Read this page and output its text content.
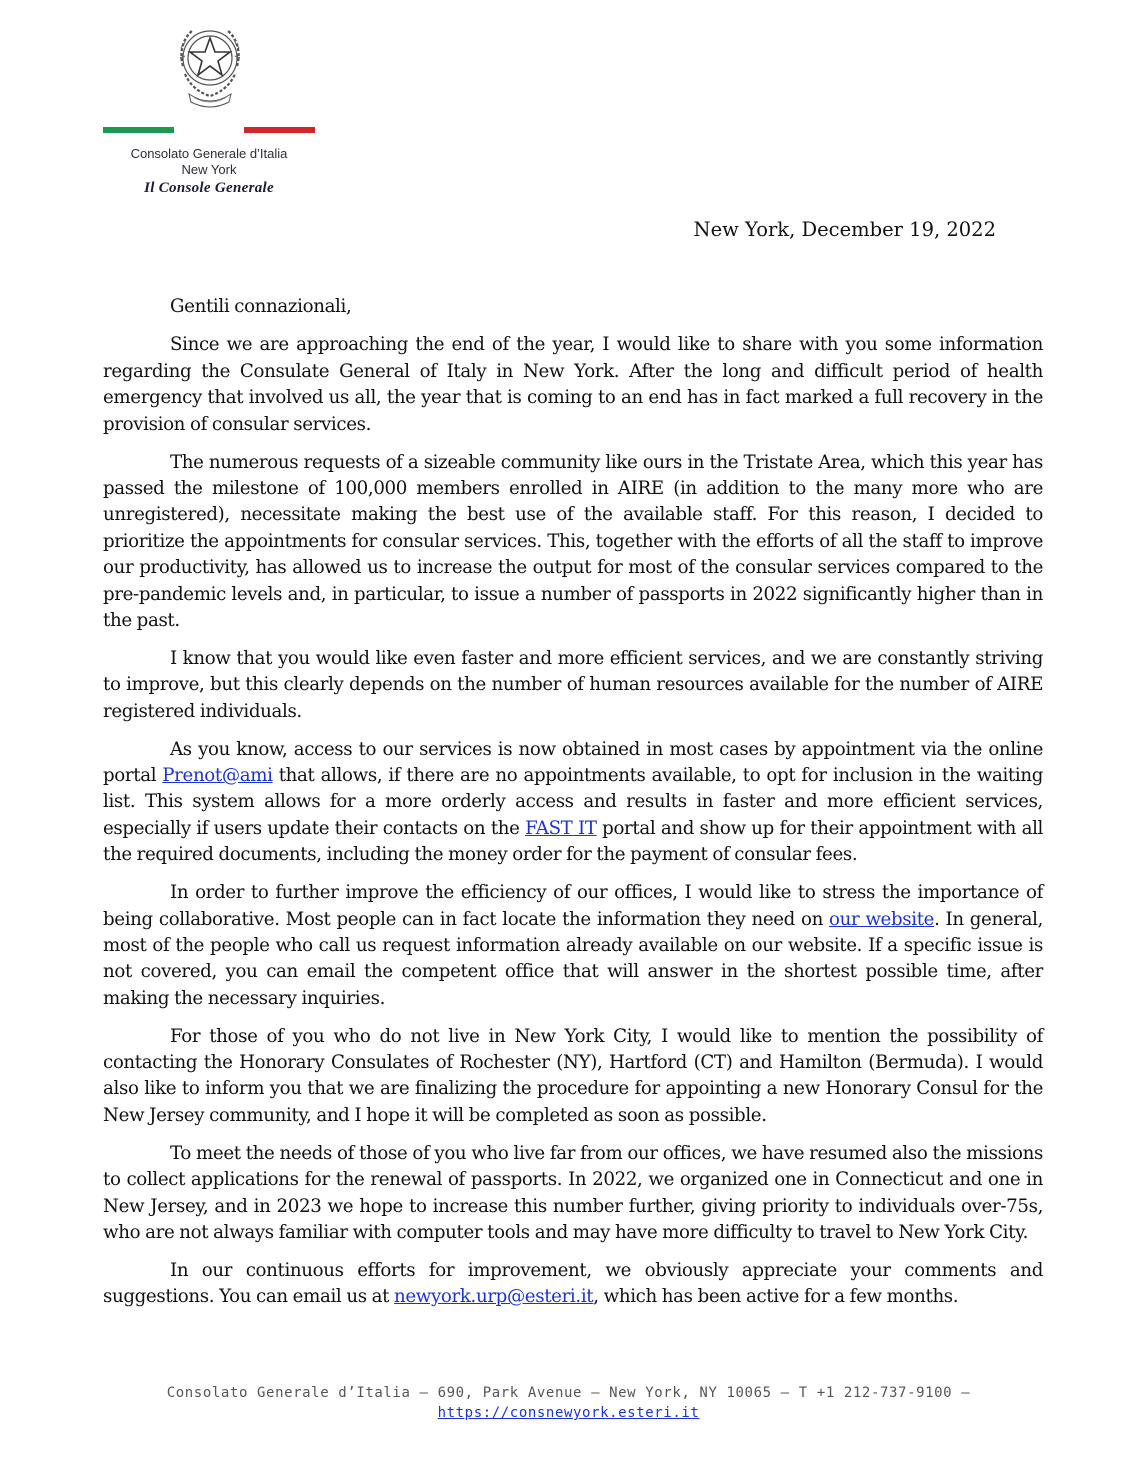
Consolato Generale d’Italia
New York
Il Console Generale
New York, December 19, 2022

Gentili connazionali,

Since we are approaching the end of the year, I would like to share with you some information regarding the Consulate General of Italy in New York. After the long and difficult period of health emergency that involved us all, the year that is coming to an end has in fact marked a full recovery in the provision of consular services.

The numerous requests of a sizeable community like ours in the Tristate Area, which this year has passed the milestone of 100,000 members enrolled in AIRE (in addition to the many more who are unregistered), necessitate making the best use of the available staff. For this reason, I decided to prioritize the appointments for consular services. This, together with the efforts of all the staff to improve our productivity, has allowed us to increase the output for most of the consular services compared to the pre-pandemic levels and, in particular, to issue a number of passports in 2022 significantly higher than in the past.

I know that you would like even faster and more efficient services, and we are constantly striving to improve, but this clearly depends on the number of human resources available for the number of AIRE registered individuals.

As you know, access to our services is now obtained in most cases by appointment via the online portal Prenot@ami that allows, if there are no appointments available, to opt for inclusion in the waiting list. This system allows for a more orderly access and results in faster and more efficient services, especially if users update their contacts on the FAST IT portal and show up for their appointment with all the required documents, including the money order for the payment of consular fees.

In order to further improve the efficiency of our offices, I would like to stress the importance of being collaborative. Most people can in fact locate the information they need on our website. In general, most of the people who call us request information already available on our website. If a specific issue is not covered, you can email the competent office that will answer in the shortest possible time, after making the necessary inquiries.

For those of you who do not live in New York City, I would like to mention the possibility of contacting the Honorary Consulates of Rochester (NY), Hartford (CT) and Hamilton (Bermuda). I would also like to inform you that we are finalizing the procedure for appointing a new Honorary Consul for the New Jersey community, and I hope it will be completed as soon as possible.

To meet the needs of those of you who live far from our offices, we have resumed also the missions to collect applications for the renewal of passports. In 2022, we organized one in Connecticut and one in New Jersey, and in 2023 we hope to increase this number further, giving priority to individuals over-75s, who are not always familiar with computer tools and may have more difficulty to travel to New York City.

In our continuous efforts for improvement, we obviously appreciate your comments and suggestions. You can email us at newyork.urp@esteri.it, which has been active for a few months.

Consolato Generale d’Italia – 690, Park Avenue – New York, NY 10065 – T +1 212-737-9100 –
https://consnewyork.esteri.it
